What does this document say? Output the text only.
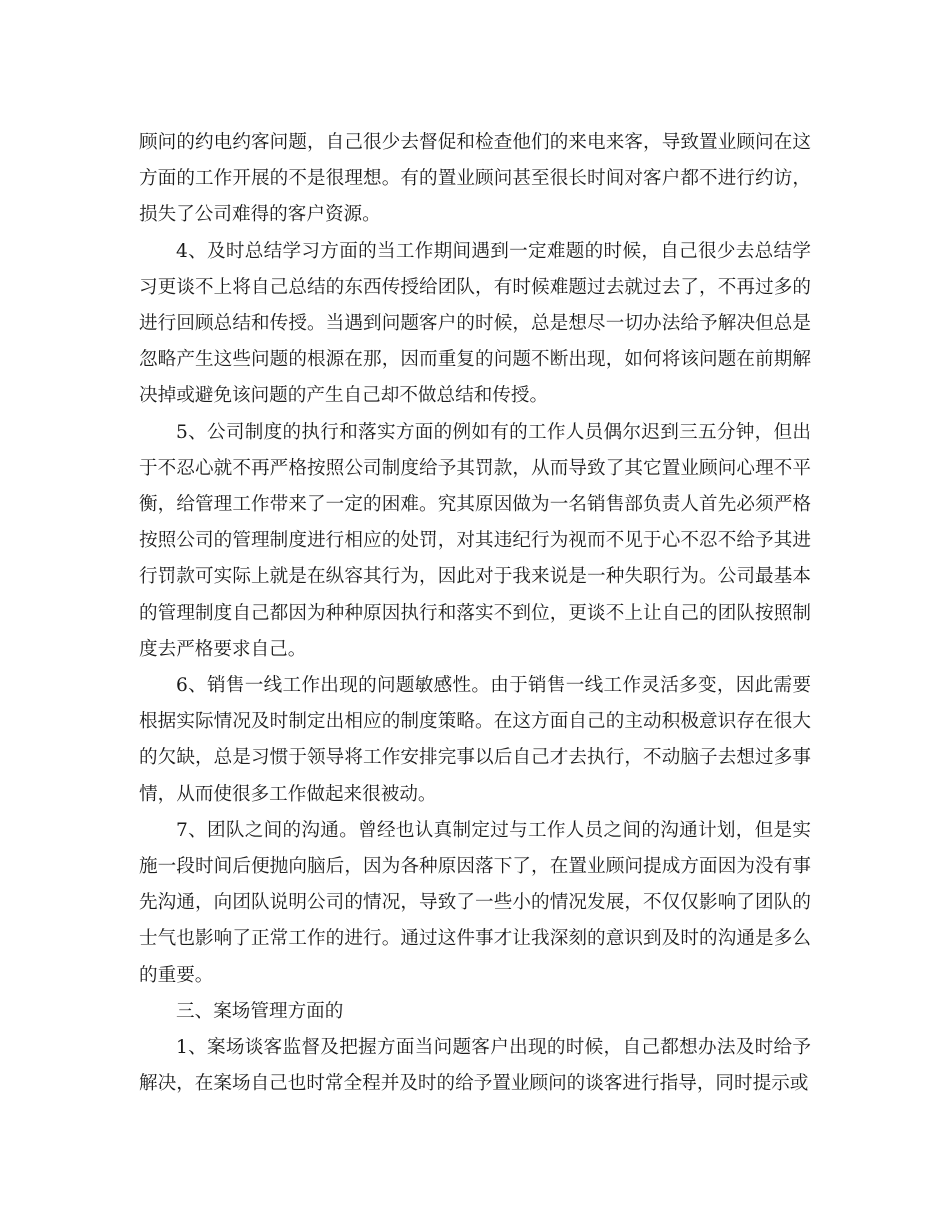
顾问的约电约客问题，自己很少去督促和检查他们的来电来客，导致置业顾问在这方面的工作开展的不是很理想。有的置业顾问甚至很长时间对客户都不进行约访，损失了公司难得的客户资源。

4、及时总结学习方面的当工作期间遇到一定难题的时候，自己很少去总结学习更谈不上将自己总结的东西传授给团队，有时候难题过去就过去了，不再过多的进行回顾总结和传授。当遇到问题客户的时候，总是想尽一切办法给予解决但总是忽略产生这些问题的根源在那，因而重复的问题不断出现，如何将该问题在前期解决掉或避免该问题的产生自己却不做总结和传授。

5、公司制度的执行和落实方面的例如有的工作人员偶尔迟到三五分钟，但出于不忍心就不再严格按照公司制度给予其罚款，从而导致了其它置业顾问心理不平衡，给管理工作带来了一定的困难。究其原因做为一名销售部负责人首先必须严格按照公司的管理制度进行相应的处罚，对其违纪行为视而不见于心不忍不给予其进行罚款可实际上就是在纵容其行为，因此对于我来说是一种失职行为。公司最基本的管理制度自己都因为种种原因执行和落实不到位，更谈不上让自己的团队按照制度去严格要求自己。

6、销售一线工作出现的问题敏感性。由于销售一线工作灵活多变，因此需要根据实际情况及时制定出相应的制度策略。在这方面自己的主动积极意识存在很大的欠缺，总是习惯于领导将工作安排完事以后自己才去执行，不动脑子去想过多事情，从而使很多工作做起来很被动。

7、团队之间的沟通。曾经也认真制定过与工作人员之间的沟通计划，但是实施一段时间后便抛向脑后，因为各种原因落下了，在置业顾问提成方面因为没有事先沟通，向团队说明公司的情况，导致了一些小的情况发展，不仅仅影响了团队的士气也影响了正常工作的进行。通过这件事才让我深刻的意识到及时的沟通是多么的重要。

三、案场管理方面的

1、案场谈客监督及把握方面当问题客户出现的时候，自己都想办法及时给予解决，在案场自己也时常全程并及时的给予置业顾问的谈客进行指导，同时提示或
